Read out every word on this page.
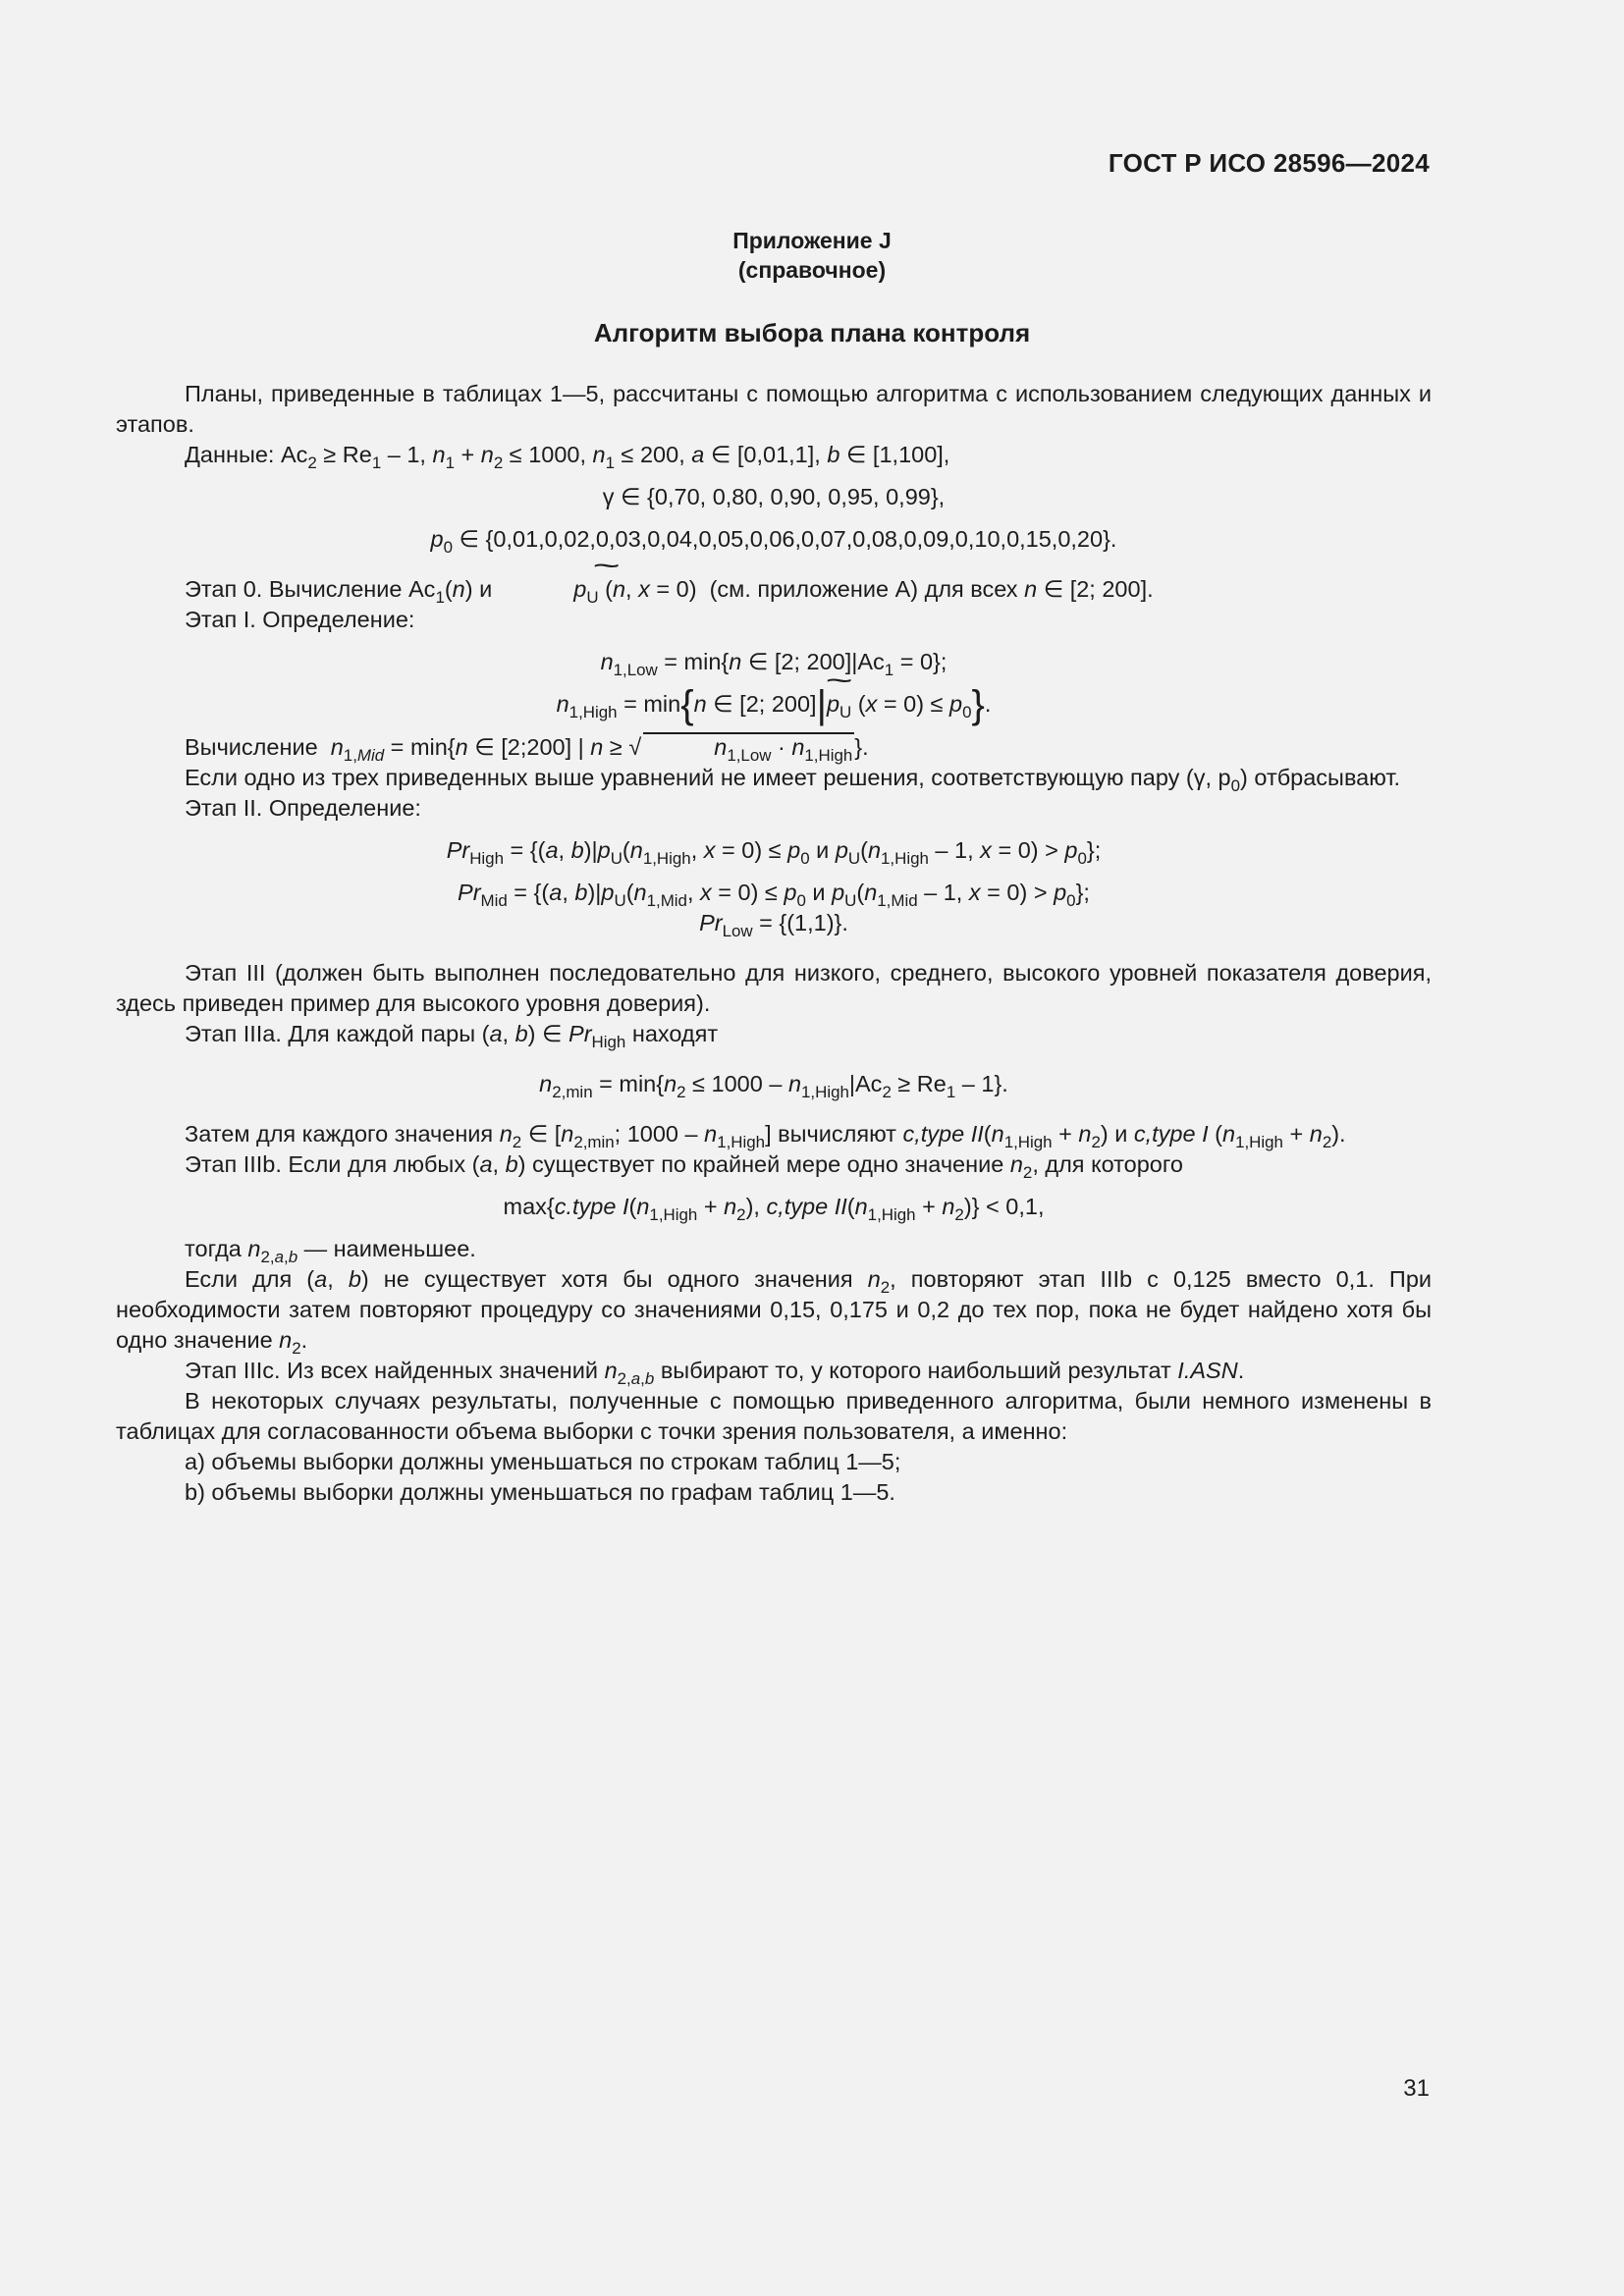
ГОСТ Р ИСО 28596—2024
Приложение J
(справочное)
Алгоритм выбора плана контроля

Планы, приведенные в таблицах 1—5, рассчитаны с помощью алгоритма с использованием следующих данных и этапов.

Данные: $Ac_2 \ge Re_1 - 1$, $n_1 + n_2 \le 1000$, $n_1 \le 200$, a ∈ [0,01,1], b ∈ [1,100],

γ ∈ {0,70, 0,80, 0,90, 0,95, 0,99},

$p_0$ ∈ {0,01,0,02,0,03,0,04,0,05,0,06,0,07,0,08,0,09,0,10,0,15,0,20}.

Этап 0. Вычисление $Ac_1(n)$ и  ~	$p_U$ (n, x = 0)  (см. приложение А) для всех n ∈ [2; 200].

Этап I. Определение:

$n_{1,Low} = \min\{n$ ∈ [2; $200]|Ac_1 = 0$};

$n_{1,High} = \min\{n$ ∈ [2; 200]|~ $p_U$ $(x = 0) \le p_0$}.

Вычисление $n_{1,Mid} = \min\{n$ ∈ [2;200] | n ≥ √	$n_{1,Low} \cdot n_{1,High}$}.

Если одно из трех приведенных выше уравнений не имеет решения, соответствующую пару (γ, $p_0$) отбрасывают.

Этап II. Определение:

$Pr_{High} = \{(a$, $b)|p_U(n_{1,High}$, $x = 0) \le p_0$ и $p_U(n_{1,High} - 1$, $x = 0) > p_0$};

$Pr_{Mid} = \{(a$, $b)|p_U(n_{1,Mid}$, $x = 0) \le p_0$ и $p_U(n_{1,Mid} - 1$, $x = 0) > p_0$};

$Pr_{Low} = \{(1,1)\}$.

Этап III (должен быть выполнен последовательно для низкого, среднего, высокого уровней показателя доверия, здесь приведен пример для высокого уровня доверия).

Этап IIIa. Для каждой пары (a, b) ∈ $Pr_{High}$ находят

$n_{2,min} = \min\{n_2 \le 1000 - n_{1,High}|Ac_2 \ge Re_1 - 1\}$.

Затем для каждого значения $n_2$ ∈ [$n_{2,min}$; $1000 - n_{1,High}$] вычисляют c,type $II(n_{1,High} + n_2)$ и c,type I $(n_{1,High} + n_2)$.

Этап IIIb. Если для любых (a, b) существует по крайней мере одно значение $n_2$, для которого

max{c.type $I(n_{1,High} + n_2)$, c,type $II(n_{1,High} + n_2)\} < 0,1$,

тогда $n_{2,a,b}$ — наименьшее.

Если для (a, b) не существует хотя бы одного значения $n_2$, повторяют этап IIIb с 0,125 вместо 0,1. При необходимости затем повторяют процедуру со значениями 0,15, 0,175 и 0,2 до тех пор, пока не будет найдено хотя бы одно значение $n_2$.

Этап IIIc. Из всех найденных значений $n_{2,a,b}$ выбирают то, у которого наибольший результат I.ASN.

В некоторых случаях результаты, полученные с помощью приведенного алгоритма, были немного изменены в таблицах для согласованности объема выборки с точки зрения пользователя, а именно:

a) объемы выборки должны уменьшаться по строкам таблиц 1—5;

b) объемы выборки должны уменьшаться по графам таблиц 1—5.

31
